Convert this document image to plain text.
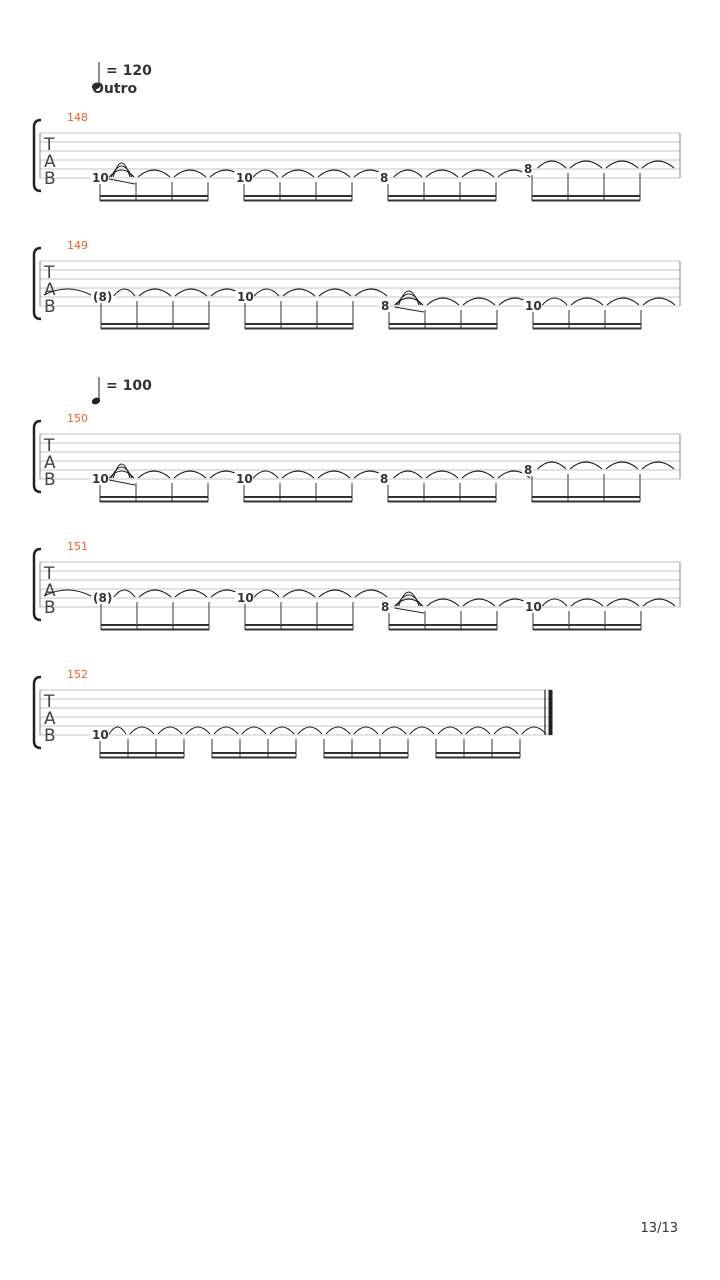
= 120
Outro
148
T
A
B	10	10	8
8
149
T
A
B	(8)	10
8	10
= 100
150
T
A
B	10	10	8
8
151
T
A
B	(8)	10
8	10
152
T
A
B	10
13/13
